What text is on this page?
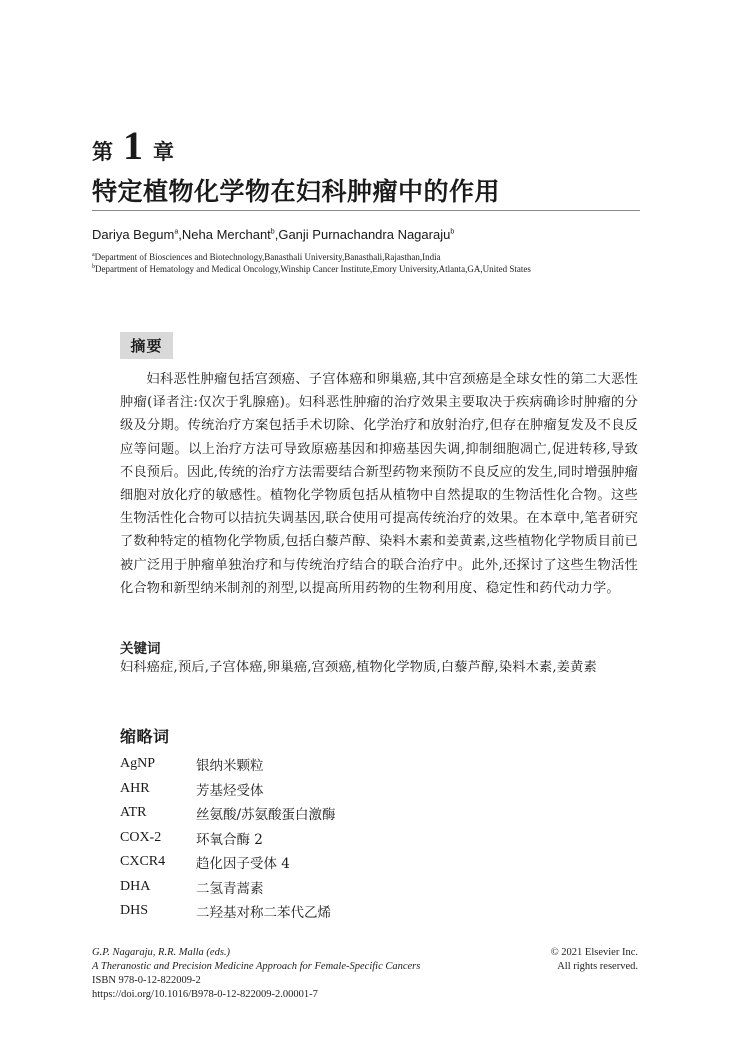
第 1 章
特定植物化学物在妇科肿瘤中的作用
Dariya Begum$^a$,Neha Merchant$^b$,Ganji Purnachandra Nagaraju$^b$
$^a$Department of Biosciences and Biotechnology,Banasthali University,Banasthali,Rajasthan,India
$^b$Department of Hematology and Medical Oncology,Winship Cancer Institute,Emory University,Atlanta,GA,United States
摘要

妇科恶性肿瘤包括宫颈癌、子宫体癌和卵巢癌,其中宫颈癌是全球女性的第二大恶性肿瘤(译者注:仅次于乳腺癌)。妇科恶性肿瘤的治疗效果主要取决于疾病确诊时肿瘤的分级及分期。传统治疗方案包括手术切除、化学治疗和放射治疗,但存在肿瘤复发及不良反应等问题。以上治疗方法可导致原癌基因和抑癌基因失调,抑制细胞凋亡,促进转移,导致不良预后。因此,传统的治疗方法需要结合新型药物来预防不良反应的发生,同时增强肿瘤细胞对放化疗的敏感性。植物化学物质包括从植物中自然提取的生物活性化合物。这些生物活性化合物可以拮抗失调基因,联合使用可提高传统治疗的效果。在本章中,笔者研究了数种特定的植物化学物质,包括白藜芦醇、染料木素和姜黄素,这些植物化学物质目前已被广泛用于肿瘤单独治疗和与传统治疗结合的联合治疗中。此外,还探讨了这些生物活性化合物和新型纳米制剂的剂型,以提高所用药物的生物利用度、稳定性和药代动力学。

关键词

妇科癌症,预后,子宫体癌,卵巢癌,宫颈癌,植物化学物质,白藜芦醇,染料木素,姜黄素

缩略词
AgNP	银纳米颗粒
AHR	芳基烃受体
ATR	丝氨酸/苏氨酸蛋白激酶
COX-2	环氧合酶 2
CXCR4	趋化因子受体 4
DHA	二氢青蒿素
DHS	二羟基对称二苯代乙烯
G.P. Nagaraju, R.R. Malla (eds.)
A Theranostic and Precision Medicine Approach for Female-Specific Cancers
ISBN 978-0-12-822009-2
https://doi.org/10.1016/B978-0-12-822009-2.00001-7
© 2021 Elsevier Inc.
All rights reserved.
